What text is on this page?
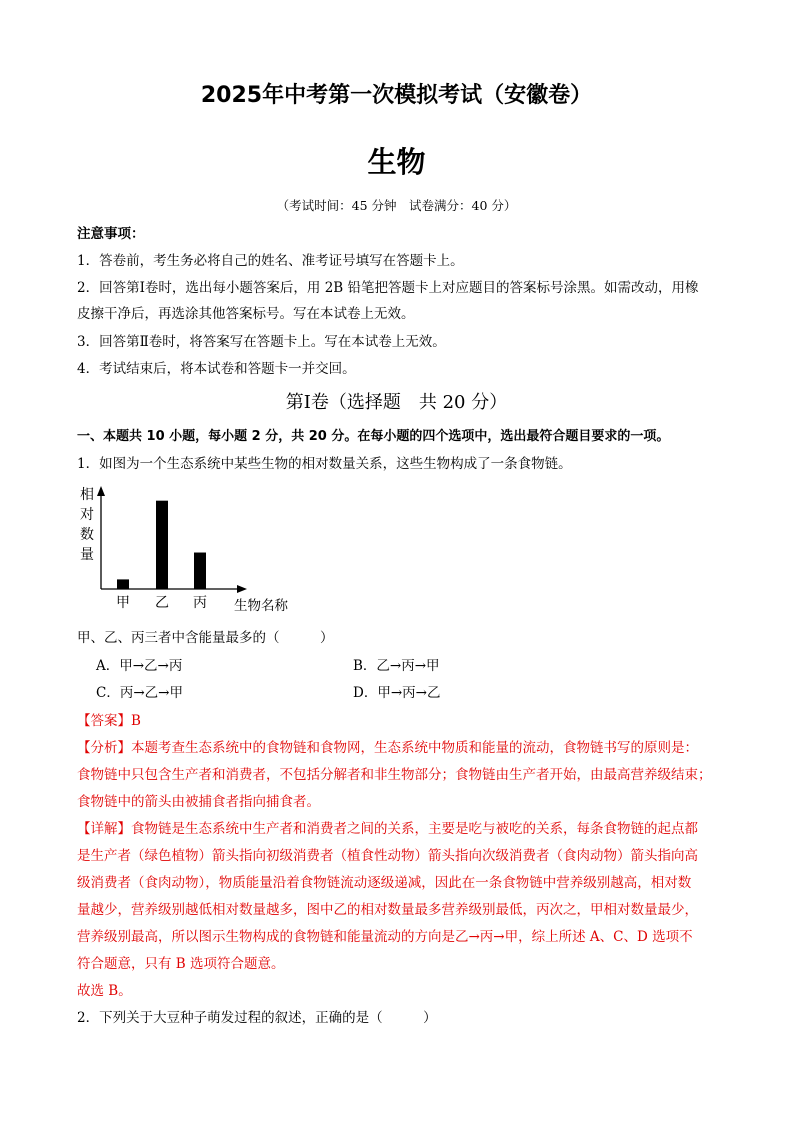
2025年中考第一次模拟考试（安徽卷）
生物
（考试时间：45 分钟　试卷满分：40 分）
注意事项：
1．答卷前，考生务必将自己的姓名、准考证号填写在答题卡上。
2．回答第Ⅰ卷时，选出每小题答案后，用 2B 铅笔把答题卡上对应题目的答案标号涂黑。如需改动，用橡
皮擦干净后，再选涂其他答案标号。写在本试卷上无效。
3．回答第Ⅱ卷时，将答案写在答题卡上。写在本试卷上无效。
4．考试结束后，将本试卷和答题卡一并交回。
第Ⅰ卷（选择题　共 20 分）
一、本题共 10 小题，每小题 2 分，共 20 分。在每小题的四个选项中，选出最符合题目要求的一项。
1．如图为一个生态系统中某些生物的相对数量关系，这些生物构成了一条食物链。
相
对
数
量
甲 乙 丙 生物名称
甲、乙、丙三者中含能量最多的（　　　）
A．甲→乙→丙	B．乙→丙→甲
C．丙→乙→甲	D．甲→丙→乙
【答案】B
【分析】本题考查生态系统中的食物链和食物网，生态系统中物质和能量的流动，食物链书写的原则是：
食物链中只包含生产者和消费者，不包括分解者和非生物部分；食物链由生产者开始，由最高营养级结束；
食物链中的箭头由被捕食者指向捕食者。
【详解】食物链是生态系统中生产者和消费者之间的关系，主要是吃与被吃的关系，每条食物链的起点都
是生产者（绿色植物）箭头指向初级消费者（植食性动物）箭头指向次级消费者（食肉动物）箭头指向高
级消费者（食肉动物），物质能量沿着食物链流动逐级递减，因此在一条食物链中营养级别越高，相对数
量越少，营养级别越低相对数量越多，图中乙的相对数量最多营养级别最低，丙次之，甲相对数量最少，
营养级别最高，所以图示生物构成的食物链和能量流动的方向是乙→丙→甲，综上所述 A、C、D 选项不
符合题意，只有 B 选项符合题意。
故选 B。
2．下列关于大豆种子萌发过程的叙述，正确的是（　　　）
